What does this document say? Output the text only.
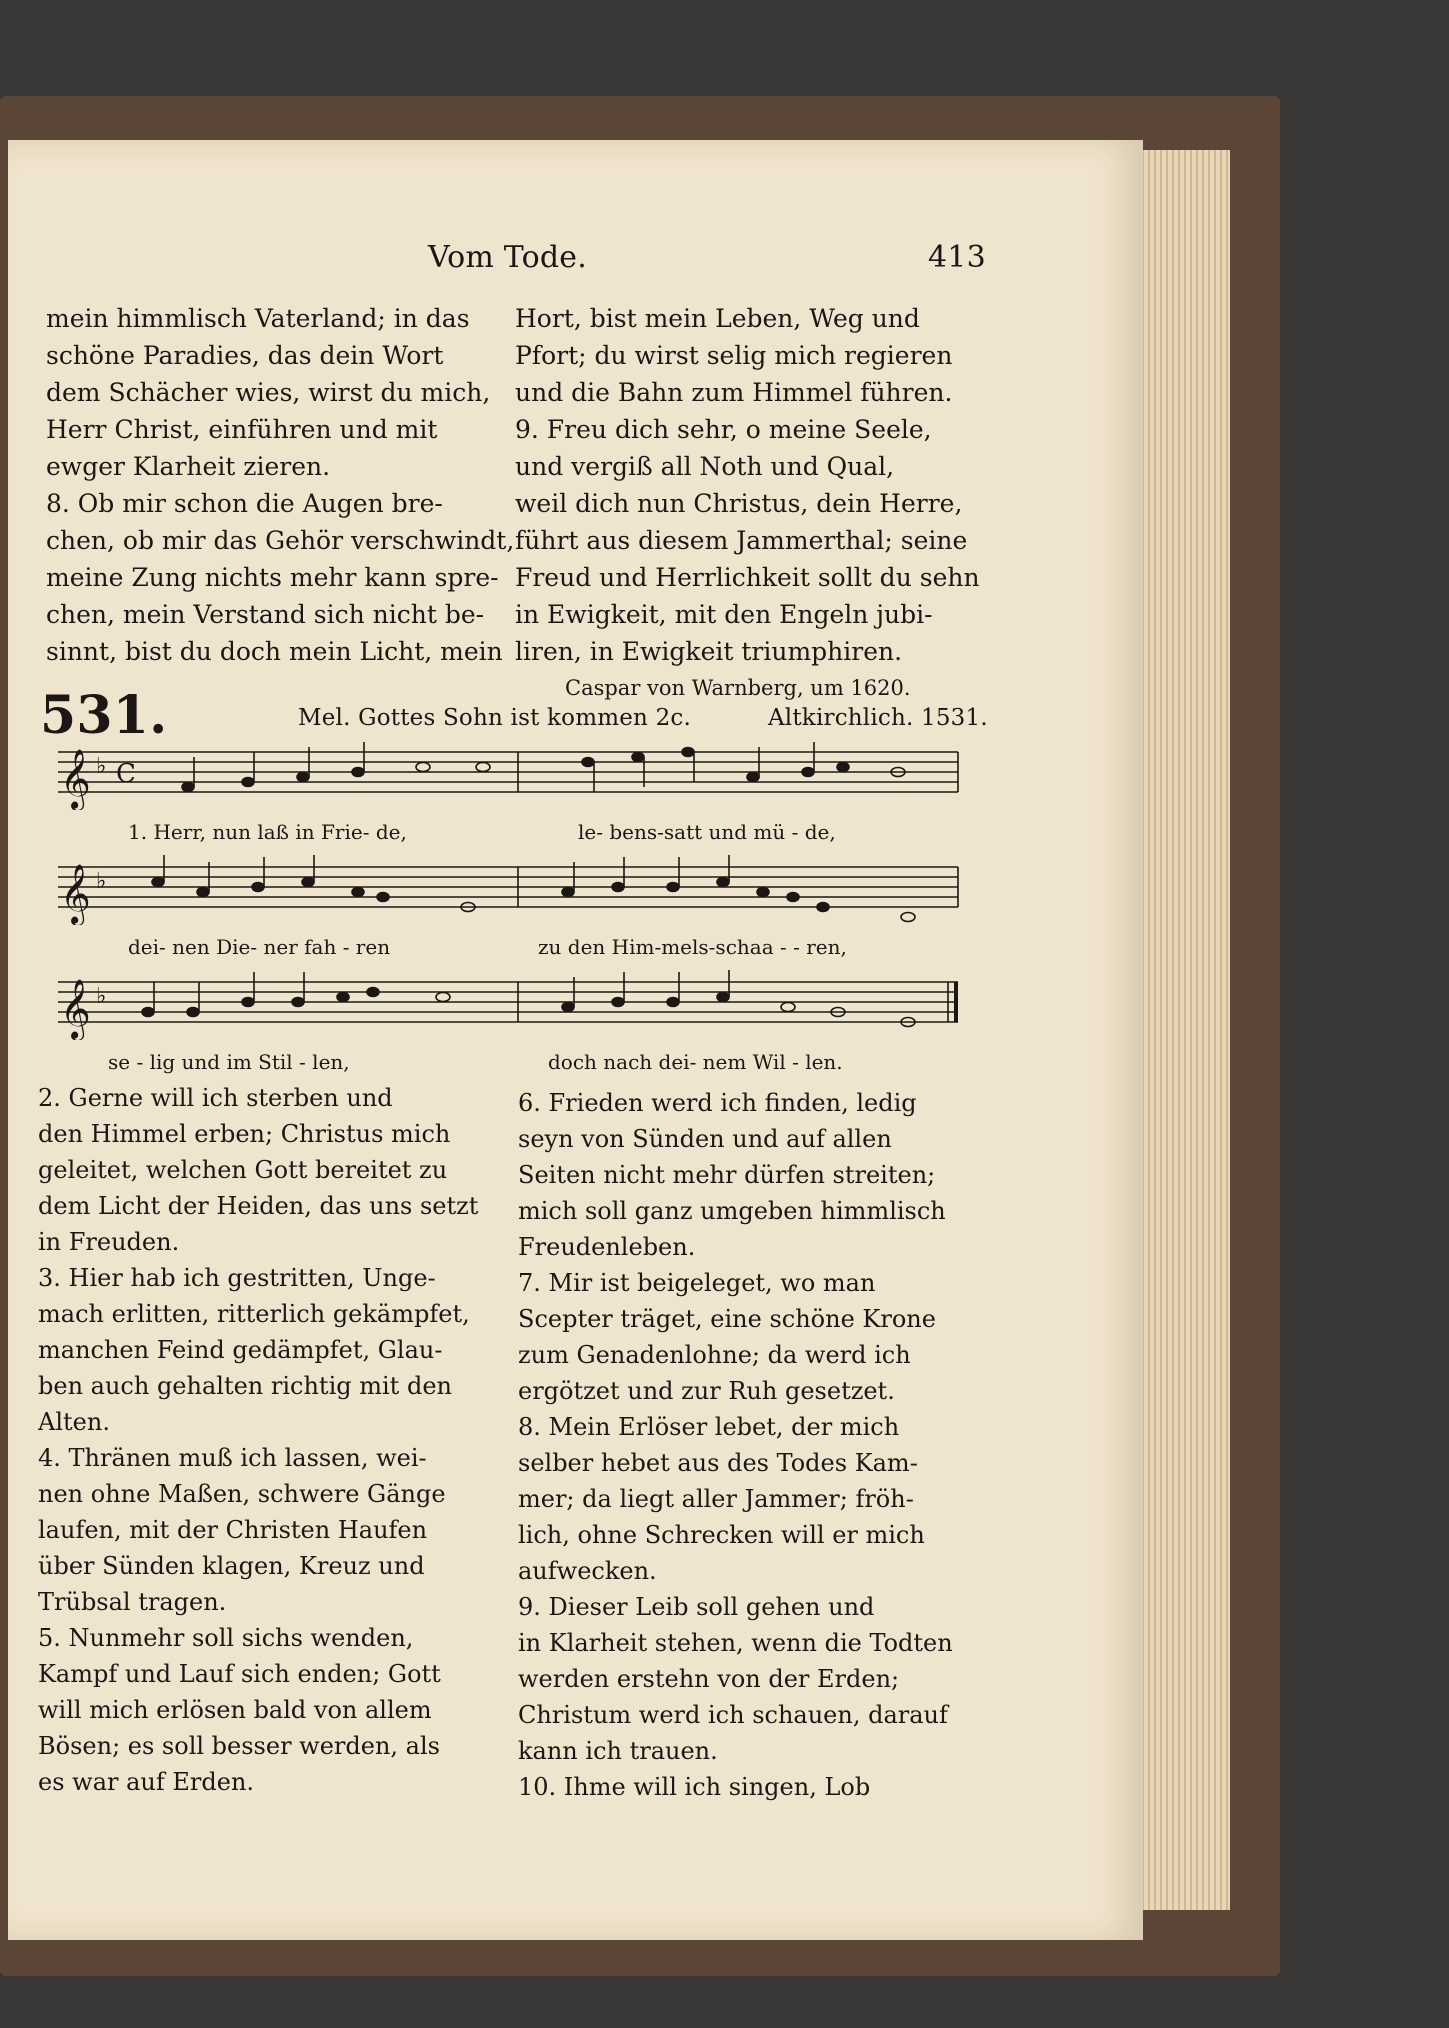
Vom Tode.	413
mein himmlisch Vaterland; in das
schöne Paradies, das dein Wort
dem Schächer wies, wirst du mich,
Herr Christ, einführen und mit
ewger Klarheit zieren.
8. Ob mir schon die Augen bre-
chen, ob mir das Gehör verschwindt,
meine Zung nichts mehr kann spre-
chen, mein Verstand sich nicht be-
sinnt, bist du doch mein Licht, mein
Hort, bist mein Leben, Weg und
Pfort; du wirst selig mich regieren
und die Bahn zum Himmel führen.
9. Freu dich sehr, o meine Seele,
und vergiß all Noth und Qual,
weil dich nun Christus, dein Herre,
führt aus diesem Jammerthal; seine
Freud und Herrlichkeit sollt du sehn
in Ewigkeit, mit den Engeln jubi-
liren, in Ewigkeit triumphiren.
Caspar von Warnberg, um 1620.
531.	Mel. Gottes Sohn ist kommen 2c.	Altkirchlich. 1531.
𝄞 ♭ C
1. Herr, nun laß in Frie- de,	le- bens-satt und mü - de,
𝄞 ♭
dei- nen Die- ner fah - ren	zu den Him-mels-schaa - - ren,
𝄞 ♭
se - lig und im Stil - len,	doch nach dei- nem Wil - len.
2. Gerne will ich sterben und
den Himmel erben; Christus mich
geleitet, welchen Gott bereitet zu
dem Licht der Heiden, das uns setzt
in Freuden.
3. Hier hab ich gestritten, Unge-
mach erlitten, ritterlich gekämpfet,
manchen Feind gedämpfet, Glau-
ben auch gehalten richtig mit den
Alten.
4. Thränen muß ich lassen, wei-
nen ohne Maßen, schwere Gänge
laufen, mit der Christen Haufen
über Sünden klagen, Kreuz und
Trübsal tragen.
5. Nunmehr soll sichs wenden,
Kampf und Lauf sich enden; Gott
will mich erlösen bald von allem
Bösen; es soll besser werden, als
es war auf Erden.
6. Frieden werd ich finden, ledig
seyn von Sünden und auf allen
Seiten nicht mehr dürfen streiten;
mich soll ganz umgeben himmlisch
Freudenleben.
7. Mir ist beigeleget, wo man
Scepter träget, eine schöne Krone
zum Genadenlohne; da werd ich
ergötzet und zur Ruh gesetzet.
8. Mein Erlöser lebet, der mich
selber hebet aus des Todes Kam-
mer; da liegt aller Jammer; fröh-
lich, ohne Schrecken will er mich
aufwecken.
9. Dieser Leib soll gehen und
in Klarheit stehen, wenn die Todten
werden erstehn von der Erden;
Christum werd ich schauen, darauf
kann ich trauen.
10. Ihme will ich singen, Lob
